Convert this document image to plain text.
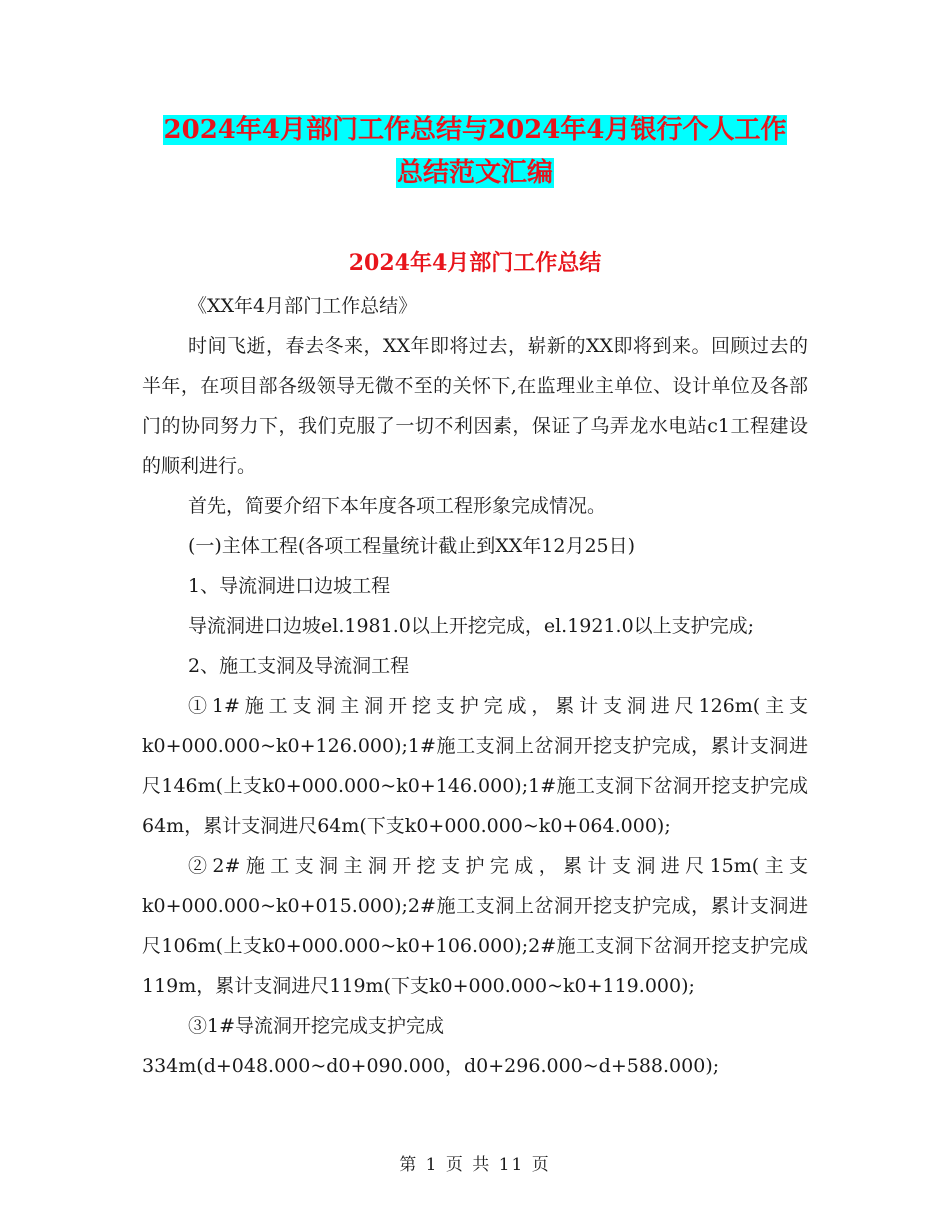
2024年4月部门工作总结与2024年4月银行个人工作
总结范文汇编
2024年4月部门工作总结

《XX年4月部门工作总结》

时间飞逝，春去冬来，XX年即将过去，崭新的XX即将到来。回顾过去的半年，在项目部各级领导无微不至的关怀下,在监理业主单位、设计单位及各部门的协同努力下，我们克服了一切不利因素，保证了乌弄龙水电站c1工程建设的顺利进行。

首先，简要介绍下本年度各项工程形象完成情况。

(一)主体工程(各项工程量统计截止到XX年12月25日)

1、导流洞进口边坡工程

导流洞进口边坡el.1981.0以上开挖完成，el.1921.0以上支护完成;

2、施工支洞及导流洞工程

①1#施工支洞主洞开挖支护完成，累计支洞进尺126m(主支k0+000.000~k0+126.000);1#施工支洞上岔洞开挖支护完成，累计支洞进尺146m(上支k0+000.000~k0+146.000);1#施工支洞下岔洞开挖支护完成64m，累计支洞进尺64m(下支k0+000.000~k0+064.000);

②2#施工支洞主洞开挖支护完成，累计支洞进尺15m(主支k0+000.000~k0+015.000);2#施工支洞上岔洞开挖支护完成，累计支洞进尺106m(上支k0+000.000~k0+106.000);2#施工支洞下岔洞开挖支护完成119m，累计支洞进尺119m(下支k0+000.000~k0+119.000);

③1#导流洞开挖完成支护完成

334m(d+048.000~d0+090.000，d0+296.000~d+588.000);

第 1 页 共 11 页
